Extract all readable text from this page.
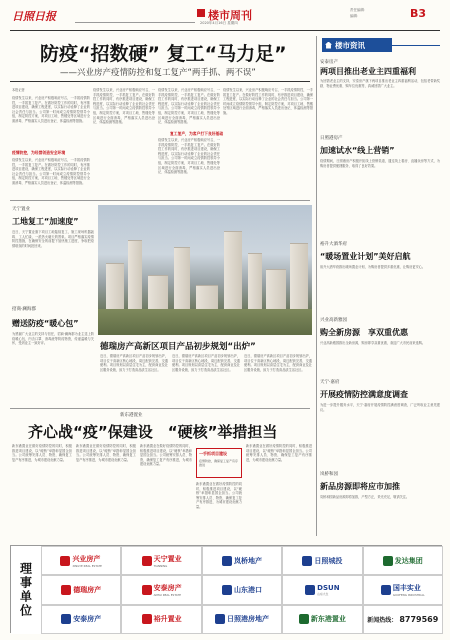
日照日报	楼市周刊
2020年4月16日 星期四
责任编辑：
编辑：	B3
防疫“招数硬” 复工“马力足”
——兴业房产疫情防控和复工复产“两手抓、两不误”
楼市资讯
本报记者
疫情发生以来，兴业房产积极响应号召，一手抓疫情防控，一手抓复工复产。在做好防控工作的同时，有序推进项目建设，确保工程进度，以实际行动诠释了企业的社会责任与担当。公司第一时间成立疫情防控领导小组，制定防控方案，对项目工地、售楼处等区域进行全面消毒，严格落实人员进出登记、体温检测等措施。
疫情防控，为经营创造安全环境
疫情发生以来，兴业房产积极响应号召，一手抓疫情防控，一手抓复工复产。在做好防控工作的同时，有序推进项目建设，确保工程进度，以实际行动诠释了企业的社会责任与担当。公司第一时间成立疫情防控领导小组，制定防控方案，对项目工地、售楼处等区域进行全面消毒，严格落实人员进出登记、体温检测等措施。
疫情发生以来，兴业房产积极响应号召，一手抓疫情防控，一手抓复工复产。在做好防控工作的同时，有序推进项目建设，确保工程进度，以实际行动诠释了企业的社会责任与担当。公司第一时间成立疫情防控领导小组，制定防控方案，对项目工地、售楼处等区域进行全面消毒，严格落实人员进出登记、体温检测等措施。
疫情发生以来，兴业房产积极响应号召，一手抓疫情防控，一手抓复工复产。在做好防控工作的同时，有序推进项目建设，确保工程进度，以实际行动诠释了企业的社会责任与担当。公司第一时间成立疫情防控领导小组，制定防控方案，对项目工地、售楼处等区域进行全面消毒，严格落实人员进出登记、体温检测等措施。
复工复产，为客户打下良好基础
疫情发生以来，兴业房产积极响应号召，一手抓疫情防控，一手抓复工复产。在做好防控工作的同时，有序推进项目建设，确保工程进度，以实际行动诠释了企业的社会责任与担当。公司第一时间成立疫情防控领导小组，制定防控方案，对项目工地、售楼处等区域进行全面消毒，严格落实人员进出登记、体温检测等措施。
疫情发生以来，兴业房产积极响应号召，一手抓疫情防控，一手抓复工复产。在做好防控工作的同时，有序推进项目建设，确保工程进度，以实际行动诠释了企业的社会责任与担当。公司第一时间成立疫情防控领导小组，制定防控方案，对项目工地、售楼处等区域进行全面消毒，严格落实人员进出登记、体温检测等措施。
安泰房产
两项目推出老业主四重福利
为回馈老业主的支持，安泰房产旗下两项目推出老业主四重福利活动，包括老带新奖励、物业费优惠、购车位优惠等，真诚回馈广大业主。
日照港房产
加速试水“线上营销”
疫情期间，日照港房产积极开拓线上营销渠道，通过线上看房、直播卖房等方式，为购房者提供便捷服务，取得了良好效果。
裕升大酒华府
“暖场置业计划”美好启航
裕升大酒华府推出暖场置业计划，为购房者提供多重优惠，让购房更安心。
兴业高新雅园
购全新房源　享双重优惠
兴业高新雅园推出全新房源，购房即享双重优惠，欢迎广大市民前来选购。
天宁·嘉府
开展疫情防控满意度调查
为进一步提升服务水平，天宁·嘉府开展疫情防控满意度调查，广泛听取业主意见建议。
岚桥和园
新品房源即将应市加推
岚桥和园新品房源即将加推，户型方正，采光充足，敬请关注。
天宁置业
工地复工“加速度”
近日，天宁置业旗下项目工地陆续复工，施工现场机器轰鸣、工人忙碌，一派热火朝天的景象。项目严格落实疫情防控措施，在确保安全的前提下加快施工进度，争取把疫情耽误的时间抢回来。
招商·澜海郡
赠送防疫“暖心包”
为感谢广大业主的支持与信任，招商·澜海郡为业主送上防疫暖心包，内含口罩、消毒液等防疫物资，传递温暖与关怀，受到业主一致好评。	德瑞房产高新区项目产品初步规划“出炉”
近日，德瑞房产高新区项目产品初步规划出炉，项目位于高新区核心地段，周边配套完善，交通便利。项目规划以高层住宅为主，配套商业及社区服务设施，致力于打造高品质生活社区。
近日，德瑞房产高新区项目产品初步规划出炉，项目位于高新区核心地段，周边配套完善，交通便利。项目规划以高层住宅为主，配套商业及社区服务设施，致力于打造高品质生活社区。
近日，德瑞房产高新区项目产品初步规划出炉，项目位于高新区核心地段，周边配套完善，交通便利。项目规划以高层住宅为主，配套商业及社区服务设施，致力于打造高品质生活社区。
新东港置业
齐心战“疫”保建设　“硬核”举措担当
新东港置业在做好疫情防控的同时，积极推进项目建设，以“硬核”举措彰显国企担当。公司统筹安排人员、物资，确保复工复产有序推进，为城市建设贡献力量。
新东港置业在做好疫情防控的同时，积极推进项目建设，以“硬核”举措彰显国企担当。公司统筹安排人员、物资，确保复工复产有序推进，为城市建设贡献力量。
新东港置业在做好疫情防控的同时，积极推进项目建设，以“硬核”举措彰显国企担当。公司统筹安排人员、物资，确保复工复产有序推进，为城市建设贡献力量。
一手抓项目建设
疫情防控，确保复工复产有序推进
新东港置业在做好疫情防控的同时，积极推进项目建设，以“硬核”举措彰显国企担当。公司统筹安排人员、物资，确保复工复产有序推进，为城市建设贡献力量。
新东港置业在做好疫情防控的同时，积极推进项目建设，以“硬核”举措彰显国企担当。公司统筹安排人员、物资，确保复工复产有序推进，为城市建设贡献力量。
理事单位
兴业房产
XINGYE REAL ESTATE
天宁置业
TIANNING
岚桥地产	日照城投	发达集团
德瑞房产	安泰房产
ANTAI REAL ESTATE
山东港口	DSUN
山东大生
国丰实业
GUOFENG INDUSTRIAL
安泰房产	裕升置业	日照港房地产	新东港置业	新闻热线： 8779569
